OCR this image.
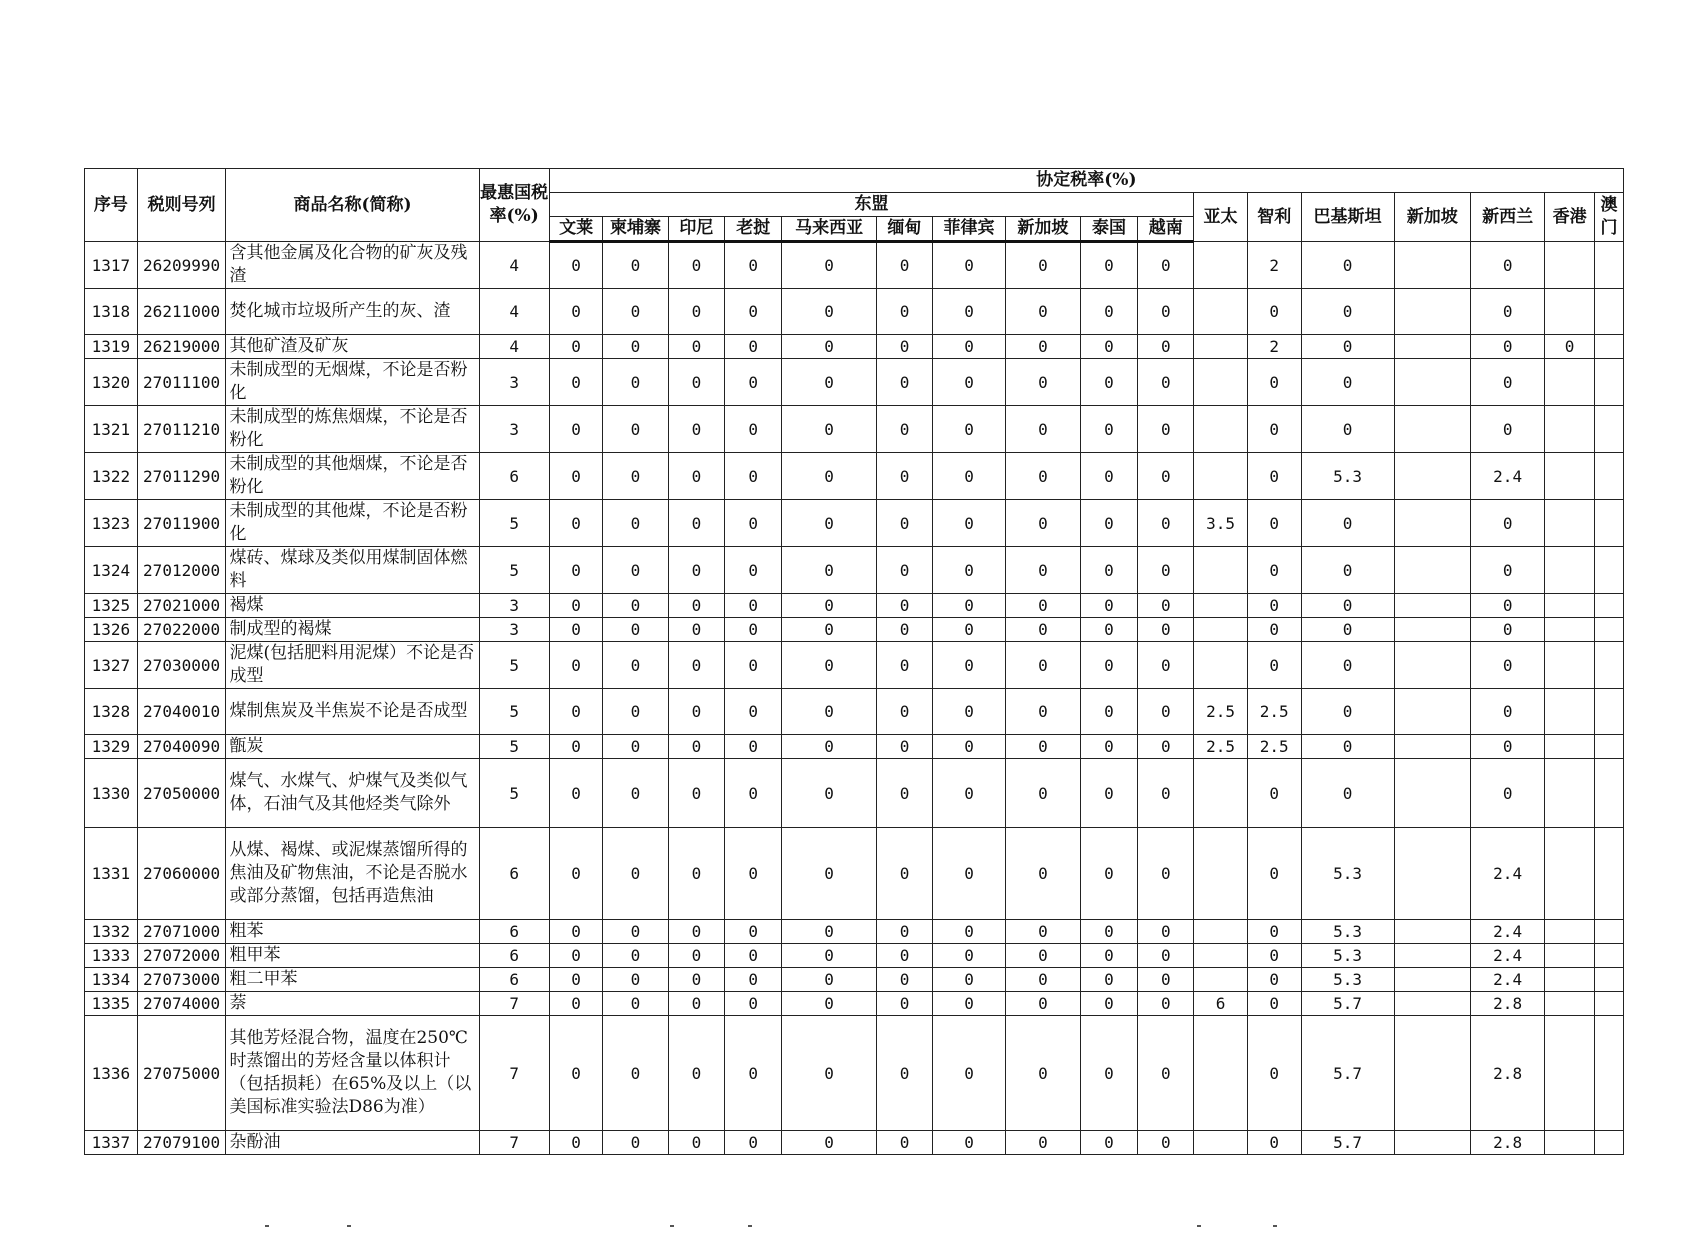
序号	税则号列	商品名称(简称)	最惠国税率(%)	协定税率(%)																
				东盟										亚太	智利	巴基斯坦	新加坡	新西兰	香港	澳门
				文莱	柬埔寨	印尼	老挝	马来西亚	缅甸	菲律宾	新加坡	泰国	越南							
1317	26209990	含其他金属及化合物的矿灰及残渣	4	0	0	0	0	0	0	0	0	0	0		2	0		0		
1318	26211000	焚化城市垃圾所产生的灰、渣	4	0	0	0	0	0	0	0	0	0	0		0	0		0		
1319	26219000	其他矿渣及矿灰	4	0	0	0	0	0	0	0	0	0	0		2	0		0	0	
1320	27011100	未制成型的无烟煤，不论是否粉化	3	0	0	0	0	0	0	0	0	0	0		0	0		0		
1321	27011210	未制成型的炼焦烟煤，不论是否粉化	3	0	0	0	0	0	0	0	0	0	0		0	0		0		
1322	27011290	未制成型的其他烟煤，不论是否粉化	6	0	0	0	0	0	0	0	0	0	0		0	5.3		2.4		
1323	27011900	未制成型的其他煤，不论是否粉化	5	0	0	0	0	0	0	0	0	0	0	3.5	0	0		0		
1324	27012000	煤砖、煤球及类似用煤制固体燃料	5	0	0	0	0	0	0	0	0	0	0		0	0		0		
1325	27021000	褐煤	3	0	0	0	0	0	0	0	0	0	0		0	0		0		
1326	27022000	制成型的褐煤	3	0	0	0	0	0	0	0	0	0	0		0	0		0		
1327	27030000	泥煤(包括肥料用泥煤）不论是否成型	5	0	0	0	0	0	0	0	0	0	0		0	0		0		
1328	27040010	煤制焦炭及半焦炭不论是否成型	5	0	0	0	0	0	0	0	0	0	0	2.5	2.5	0		0		
1329	27040090	甑炭	5	0	0	0	0	0	0	0	0	0	0	2.5	2.5	0		0		
1330	27050000	煤气、水煤气、炉煤气及类似气体，石油气及其他烃类气除外	5	0	0	0	0	0	0	0	0	0	0		0	0		0		
1331	27060000	从煤、褐煤、或泥煤蒸馏所得的焦油及矿物焦油，不论是否脱水或部分蒸馏，包括再造焦油	6	0	0	0	0	0	0	0	0	0	0		0	5.3		2.4		
1332	27071000	粗苯	6	0	0	0	0	0	0	0	0	0	0		0	5.3		2.4		
1333	27072000	粗甲苯	6	0	0	0	0	0	0	0	0	0	0		0	5.3		2.4		
1334	27073000	粗二甲苯	6	0	0	0	0	0	0	0	0	0	0		0	5.3		2.4		
1335	27074000	萘	7	0	0	0	0	0	0	0	0	0	0	6	0	5.7		2.8		
1336	27075000	其他芳烃混合物，温度在250℃时蒸馏出的芳烃含量以体积计（包括损耗）在65%及以上（以美国标准实验法D86为准）	7	0	0	0	0	0	0	0	0	0	0		0	5.7		2.8		
1337	27079100	杂酚油	7	0	0	0	0	0	0	0	0	0	0		0	5.7		2.8		
